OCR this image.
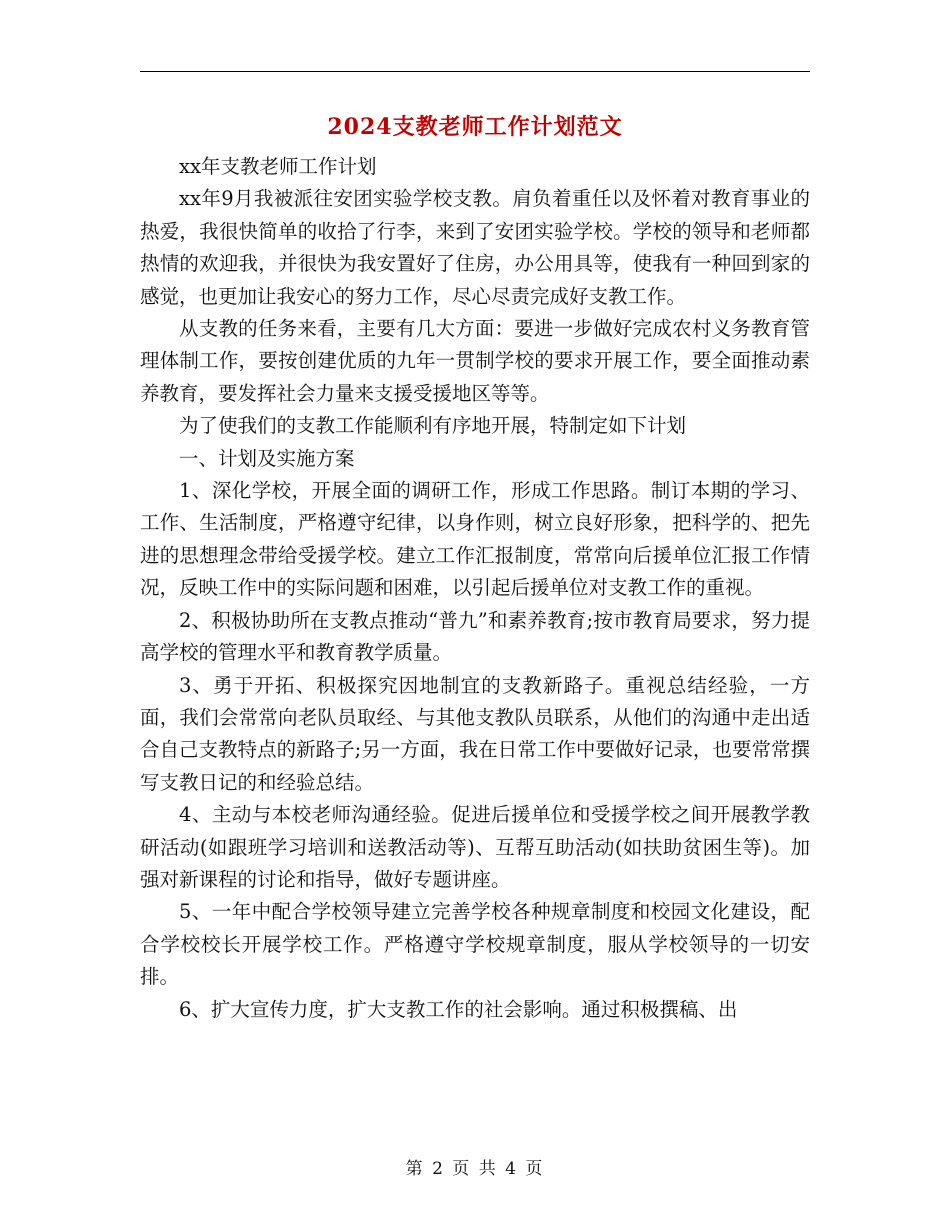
2024支教老师工作计划范文

xx年支教老师工作计划

xx年9月我被派往安团实验学校支教。肩负着重任以及怀着对教育事业的热爱，我很快简单的收拾了行李，来到了安团实验学校。学校的领导和老师都热情的欢迎我，并很快为我安置好了住房，办公用具等，使我有一种回到家的感觉，也更加让我安心的努力工作，尽心尽责完成好支教工作。

从支教的任务来看，主要有几大方面：要进一步做好完成农村义务教育管理体制工作，要按创建优质的九年一贯制学校的要求开展工作，要全面推动素养教育，要发挥社会力量来支援受援地区等等。

为了使我们的支教工作能顺利有序地开展，特制定如下计划

一、计划及实施方案

1、深化学校，开展全面的调研工作，形成工作思路。制订本期的学习、工作、生活制度，严格遵守纪律，以身作则，树立良好形象，把科学的、把先进的思想理念带给受援学校。建立工作汇报制度，常常向后援单位汇报工作情况，反映工作中的实际问题和困难，以引起后援单位对支教工作的重视。

2、积极协助所在支教点推动“普九”和素养教育;按市教育局要求，努力提高学校的管理水平和教育教学质量。

3、勇于开拓、积极探究因地制宜的支教新路子。重视总结经验，一方面，我们会常常向老队员取经、与其他支教队员联系，从他们的沟通中走出适合自己支教特点的新路子;另一方面，我在日常工作中要做好记录，也要常常撰写支教日记的和经验总结。

4、主动与本校老师沟通经验。促进后援单位和受援学校之间开展教学教研活动(如跟班学习培训和送教活动等)、互帮互助活动(如扶助贫困生等)。加强对新课程的讨论和指导，做好专题讲座。

5、一年中配合学校领导建立完善学校各种规章制度和校园文化建设，配合学校校长开展学校工作。严格遵守学校规章制度，服从学校领导的一切安排。

6、扩大宣传力度，扩大支教工作的社会影响。通过积极撰稿、出

第 2 页 共 4 页
